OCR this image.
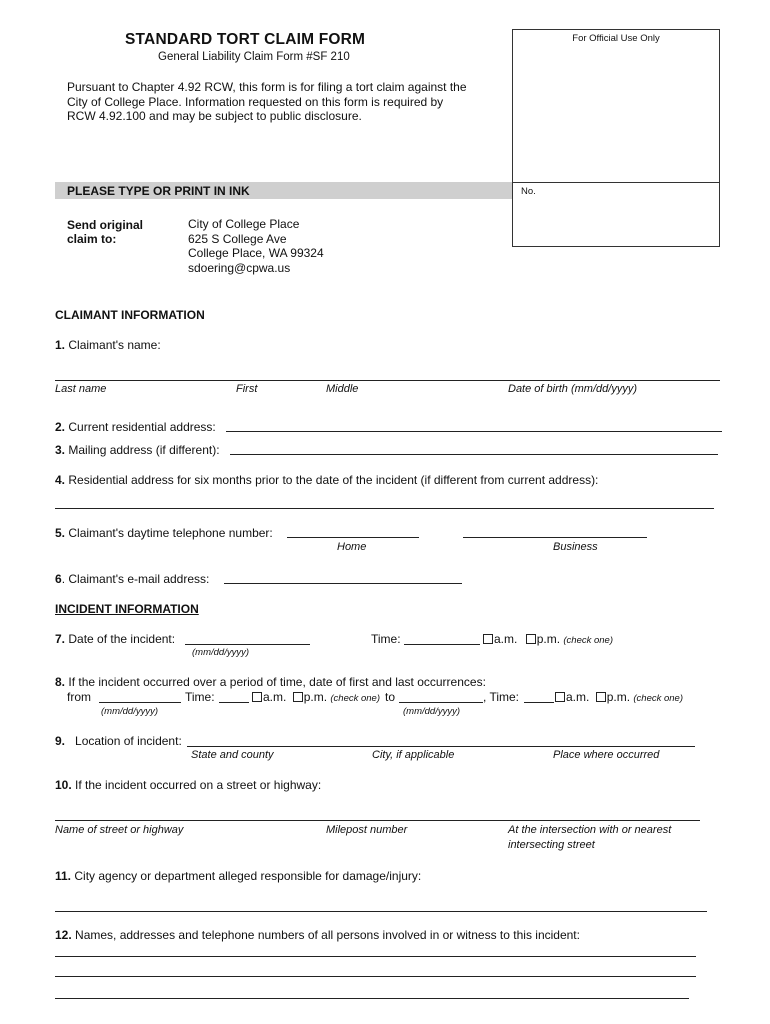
STANDARD TORT CLAIM FORM
General Liability Claim Form #SF 210
Pursuant to Chapter 4.92 RCW, this form is for filing a tort claim against the
City of College Place. Information requested on this form is required by
RCW 4.92.100 and may be subject to public disclosure.
For Official Use Only
No.
PLEASE TYPE OR PRINT IN INK
Send original
claim to:
City of College Place
625 S College Ave
College Place, WA 99324
sdoering@cpwa.us
CLAIMANT INFORMATION
1. Claimant's name:
Last name	First	Middle	Date of birth (mm/dd/yyyy)
2. Current residential address:
3. Mailing address (if different):
4. Residential address for six months prior to the date of the incident (if different from current address):
5. Claimant's daytime telephone number:
Home	Business
6. Claimant's e-mail address:
INCIDENT INFORMATION
7. Date of the incident:
(mm/dd/yyyy)
Time:	a.m. p.m. (check one)
8. If the incident occurred over a period of time, date of first and last occurrences:
from	Time:	a.m. p.m. (check one) to	, Time:	a.m. p.m. (check one)
(mm/dd/yyyy)	(mm/dd/yyyy)
9. Location of incident:
State and county	City, if applicable	Place where occurred
10. If the incident occurred on a street or highway:
Name of street or highway	Milepost number	At the intersection with or nearest
intersecting street
11. City agency or department alleged responsible for damage/injury:
12. Names, addresses and telephone numbers of all persons involved in or witness to this incident:
